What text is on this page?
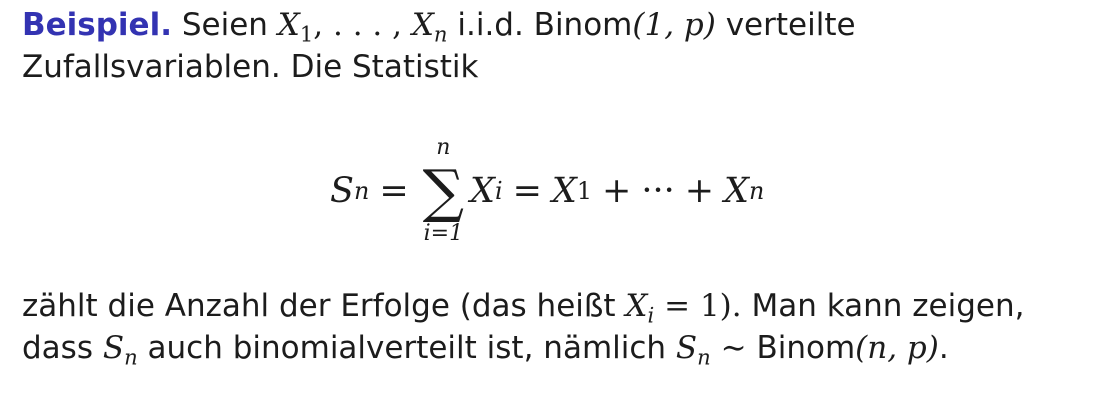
Beispiel. Seien $X_1$, . . . , $X_n$ i.i.d. Binom(1, p) verteilte
Zufallsvariablen. Die Statistik

S n =
n
∑
i=1
X i = X 1 + ··· + X n

zählt die Anzahl der Erfolge (das heißt $X_i = 1$). Man kann zeigen,
dass $S_n$ auch binomialverteilt ist, nämlich $S_n$ ∼ Binom(n, p).
